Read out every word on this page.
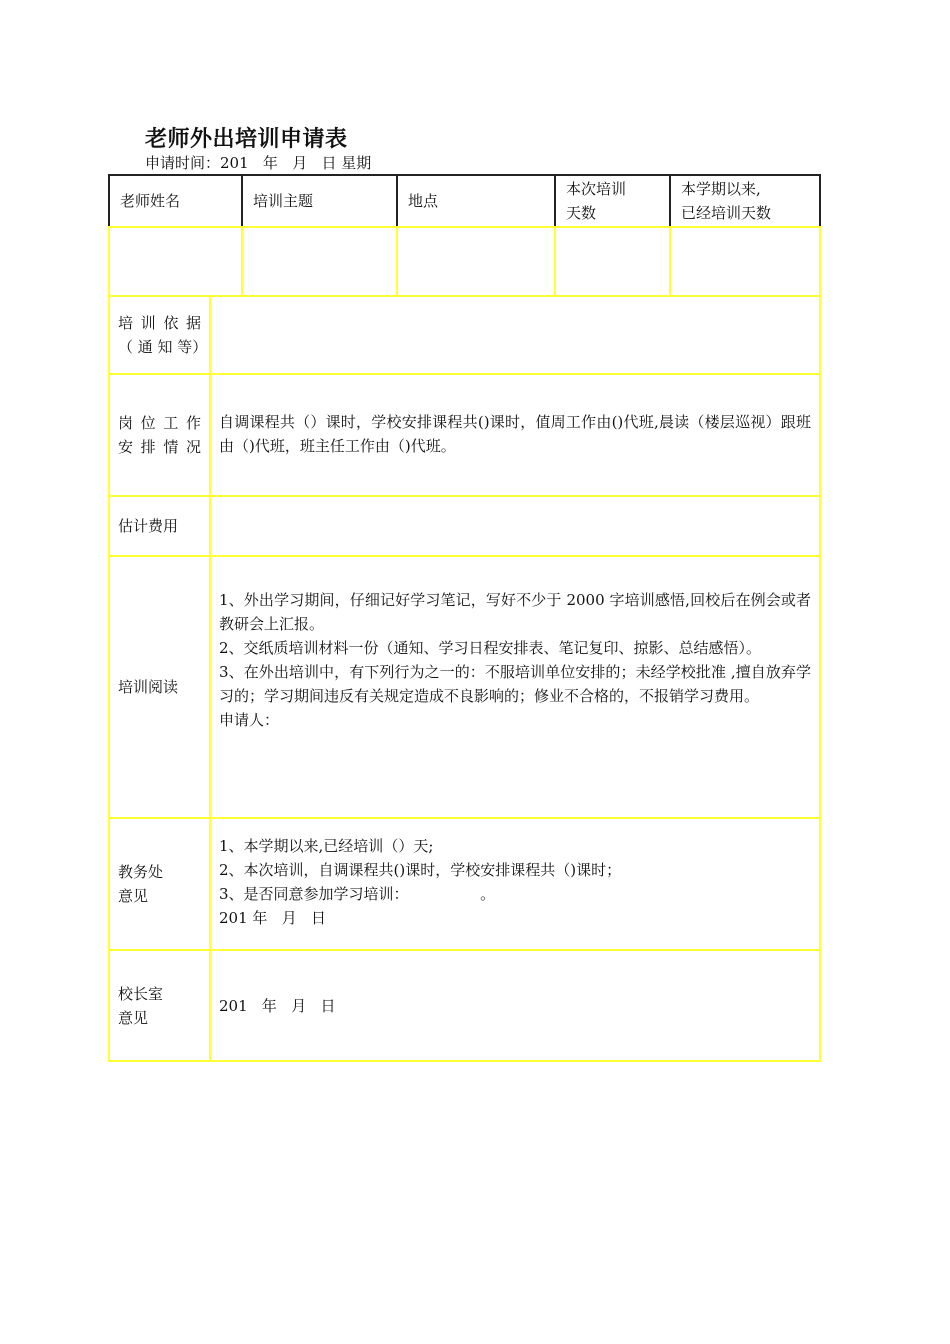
老师外出培训申请表
申请时间：201   年   月   日 星期
老师姓名	培训主题	地点
本次培训
天数
本学期以来,
已经培训天数
培 训 依 据 （ 通 知 等）
岗 位 工 作
安排情况
自调课程共（）课时，学校安排课程共()课时，值周工作由()代班,晨读（楼层巡视）跟班由（)代班，班主任工作由（)代班。
估计费用
培训阅读
1、外出学习期间，仔细记好学习笔记，写好不少于 2000 字培训感悟,回校后在例会或者教研会上汇报。
2、交纸质培训材料一份（通知、学习日程安排表、笔记复印、掠影、总结感悟）。
3、在外出培训中，有下列行为之一的：不服培训单位安排的；未经学校批准 ,擅自放弃学习的；学习期间违反有关规定造成不良影响的；修业不合格的，不报销学习费用。
申请人：
教务处
意见
1、本学期以来,已经培训（）天;
2、本次培训，自调课程共()课时，学校安排课程共（)课时；
3、是否同意参加学习培训：               。
201 年   月   日
校长室
意见
201   年   月   日
